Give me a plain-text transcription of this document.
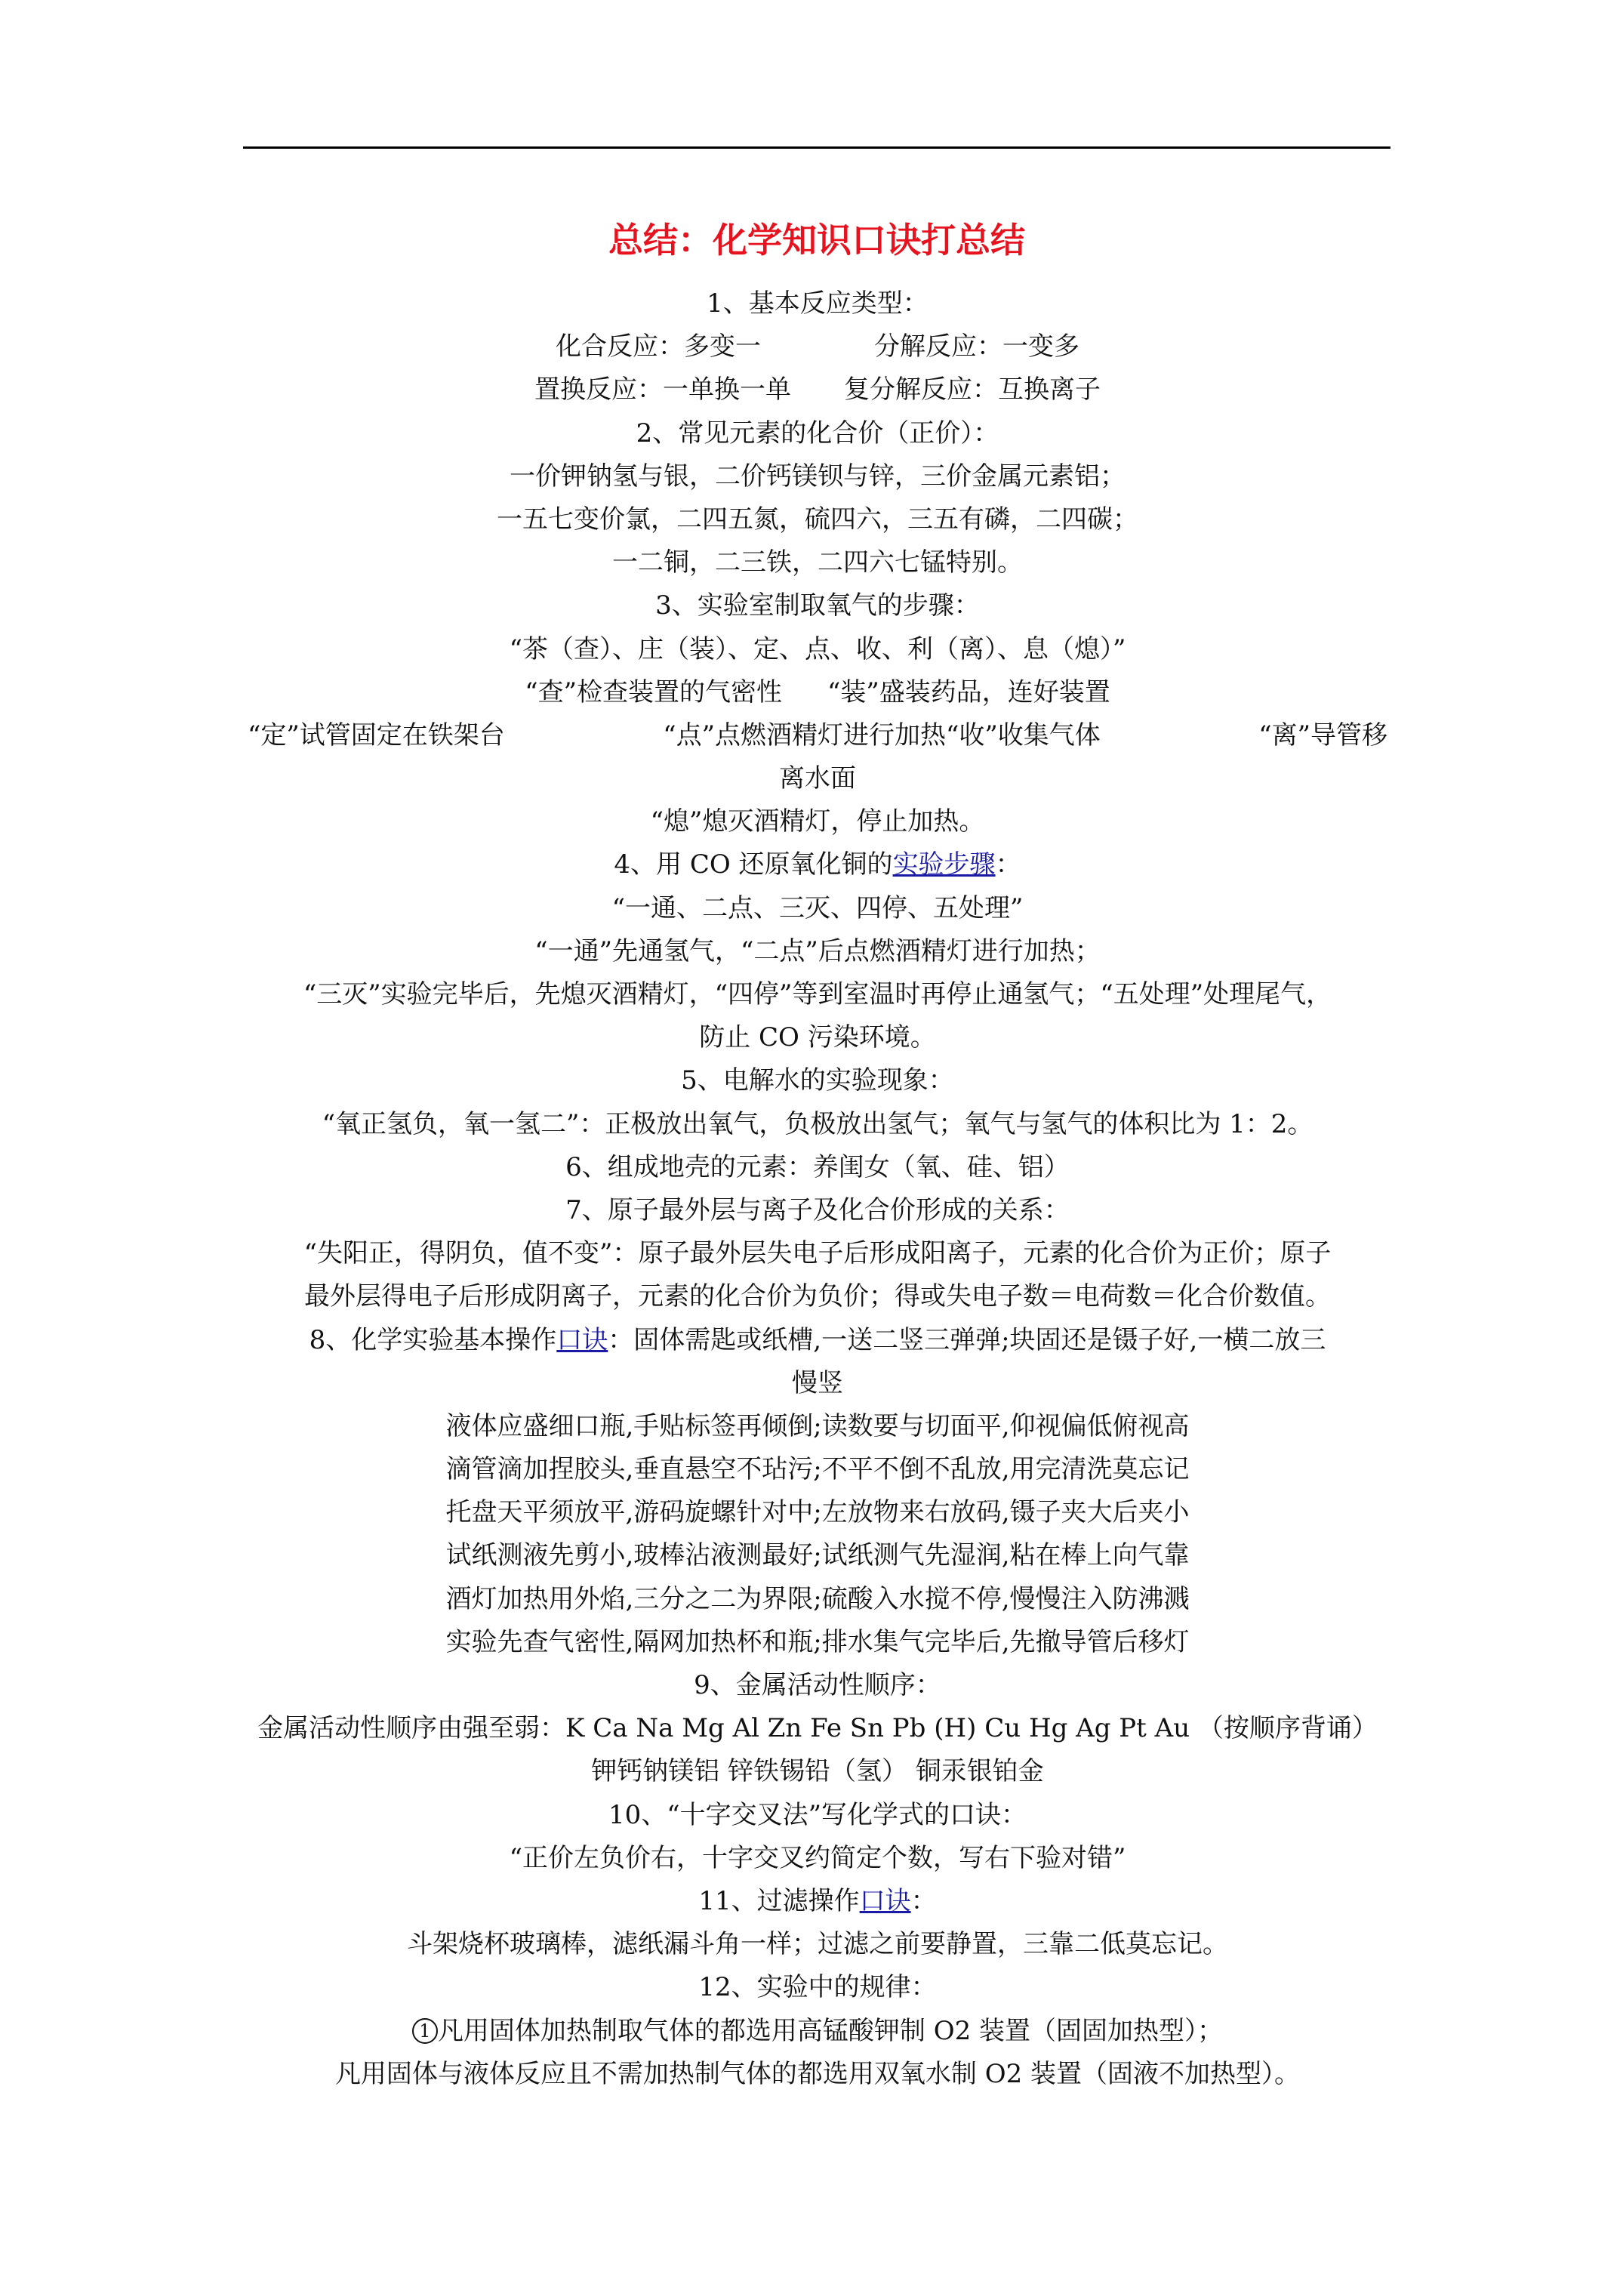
总结：化学知识口诀打总结
1、基本反应类型：
化合反应：多变一	分解反应：一变多
置换反应：一单换一单 复分解反应：互换离子
2、常见元素的化合价（正价）：
一价钾钠氢与银，二价钙镁钡与锌，三价金属元素铝；
一五七变价氯，二四五氮，硫四六，三五有磷，二四碳；
一二铜，二三铁，二四六七锰特别。
3、实验室制取氧气的步骤：
“茶（查）、庄（装）、定、点、收、利（离）、息（熄）”
“查”检查装置的气密性 “装”盛装药品，连好装置
“定”试管固定在铁架台	“点”点燃酒精灯进行加热“收”收集气体	“离”导管移
离水面
“熄”熄灭酒精灯，停止加热。
4、用 CO 还原氧化铜的实验步骤：
“一通、二点、三灭、四停、五处理”
“一通”先通氢气，“二点”后点燃酒精灯进行加热；
“三灭”实验完毕后，先熄灭酒精灯，“四停”等到室温时再停止通氢气；“五处理”处理尾气，
防止 CO 污染环境。
5、电解水的实验现象：
“氧正氢负，氧一氢二”：正极放出氧气，负极放出氢气；氧气与氢气的体积比为 1：2。
6、组成地壳的元素：养闺女（氧、硅、铝）
7、原子最外层与离子及化合价形成的关系：
“失阳正，得阴负，值不变”：原子最外层失电子后形成阳离子，元素的化合价为正价；原子
最外层得电子后形成阴离子，元素的化合价为负价；得或失电子数＝电荷数＝化合价数值。
8、化学实验基本操作口诀：固体需匙或纸槽,一送二竖三弹弹;块固还是镊子好,一横二放三
慢竖
液体应盛细口瓶,手贴标签再倾倒;读数要与切面平,仰视偏低俯视高
滴管滴加捏胶头,垂直悬空不玷污;不平不倒不乱放,用完清洗莫忘记
托盘天平须放平,游码旋螺针对中;左放物来右放码,镊子夹大后夹小
试纸测液先剪小,玻棒沾液测最好;试纸测气先湿润,粘在棒上向气靠
酒灯加热用外焰,三分之二为界限;硫酸入水搅不停,慢慢注入防沸溅
实验先查气密性,隔网加热杯和瓶;排水集气完毕后,先撤导管后移灯
9、金属活动性顺序：
金属活动性顺序由强至弱：K Ca Na Mg Al Zn Fe Sn Pb (H) Cu Hg Ag Pt Au （按顺序背诵）
钾钙钠镁铝 锌铁锡铅（氢） 铜汞银铂金
10、“十字交叉法”写化学式的口诀：
“正价左负价右，十字交叉约简定个数，写右下验对错”
11、过滤操作口诀：
斗架烧杯玻璃棒，滤纸漏斗角一样；过滤之前要静置，三靠二低莫忘记。
12、实验中的规律：
1 凡用固体加热制取气体的都选用高锰酸钾制 O2 装置（固固加热型）；
凡用固体与液体反应且不需加热制气体的都选用双氧水制 O2 装置（固液不加热型）。
